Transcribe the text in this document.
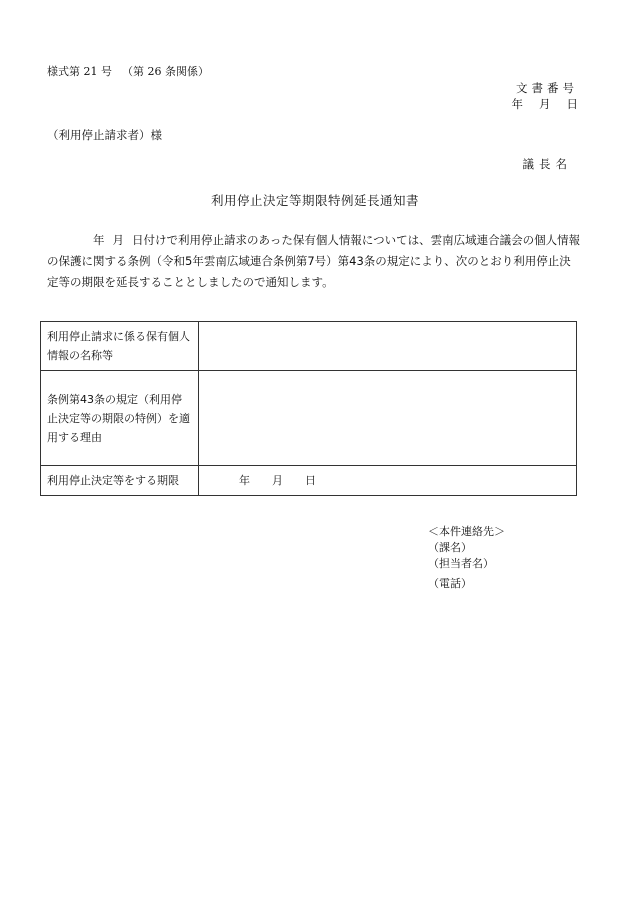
様式第 21 号 （第 26 条関係）
文書番号
年 月 日
（利用停止請求者）様
議長名
利用停止決定等期限特例延長通知書
年 月 日付けで利用停止請求のあった保有個人情報については、雲南広域連合議会の個人情報の保護に関する条例（令和5年雲南広域連合条例第7号）第43条の規定により、次のとおり利用停止決定等の期限を延長することとしましたので通知します。
利用停止請求に係る保有個人情報の名称等	
条例第43条の規定（利用停止決定等の期限の特例）を適用する理由	
利用停止決定等をする期限	年 月 日
＜本件連絡先＞
（課名）
（担当者名）
（電話）
